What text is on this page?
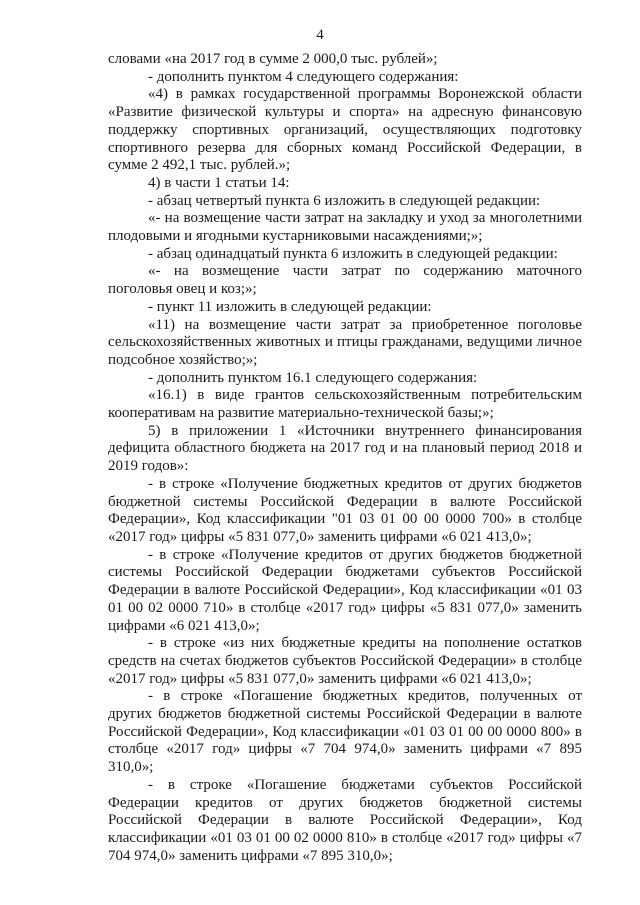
4

словами «на 2017 год в сумме 2 000,0 тыс. рублей»;

- дополнить пунктом 4 следующего содержания:

«4) в рамках государственной программы Воронежской области «Развитие физической культуры и спорта» на адресную финансовую поддержку спортивных организаций, осуществляющих подготовку спортивного резерва для сборных команд Российской Федерации, в сумме 2 492,1 тыс. рублей.»;

4) в части 1 статьи 14:

- абзац четвертый пункта 6 изложить в следующей редакции:

«- на возмещение части затрат на закладку и уход за многолетними плодовыми и ягодными кустарниковыми насаждениями;»;

- абзац одинадцатый пункта 6 изложить в следующей редакции:

«- на возмещение части затрат по содержанию маточного поголовья овец и коз;»;

- пункт 11 изложить в следующей редакции:

«11) на возмещение части затрат за приобретенное поголовье сельскохозяйственных животных и птицы гражданами, ведущими личное подсобное хозяйство;»;

- дополнить пунктом 16.1 следующего содержания:

«16.1) в виде грантов сельскохозяйственным потребительским кооперативам на развитие материально-технической базы;»;

5) в приложении 1 «Источники внутреннего финансирования дефицита областного бюджета на 2017 год и на плановый период 2018 и 2019 годов»:

- в строке «Получение бюджетных кредитов от других бюджетов бюджетной системы Российской Федерации в валюте Российской Федерации», Код классификации "01 03 01 00 00 0000 700» в столбце «2017 год» цифры «5 831 077,0» заменить цифрами «6 021 413,0»;

- в строке «Получение кредитов от других бюджетов бюджетной системы Российской Федерации бюджетами субъектов Российской Федерации в валюте Российской Федерации», Код классификации «01 03 01 00 02 0000 710» в столбце «2017 год» цифры «5 831 077,0» заменить цифрами «6 021 413,0»;

- в строке «из них бюджетные кредиты на пополнение остатков средств на счетах бюджетов субъектов Российской Федерации» в столбце «2017 год» цифры «5 831 077,0» заменить цифрами «6 021 413,0»;

- в строке «Погашение бюджетных кредитов, полученных от других бюджетов бюджетной системы Российской Федерации в валюте Российской Федерации», Код классификации «01 03 01 00 00 0000 800» в столбце «2017 год» цифры «7 704 974,0» заменить цифрами «7 895 310,0»;

- в строке «Погашение бюджетами субъектов Российской Федерации кредитов от других бюджетов бюджетной системы Российской Федерации в валюте Российской Федерации», Код классификации «01 03 01 00 02 0000 810» в столбце «2017 год» цифры «7 704 974,0» заменить цифрами «7 895 310,0»;
